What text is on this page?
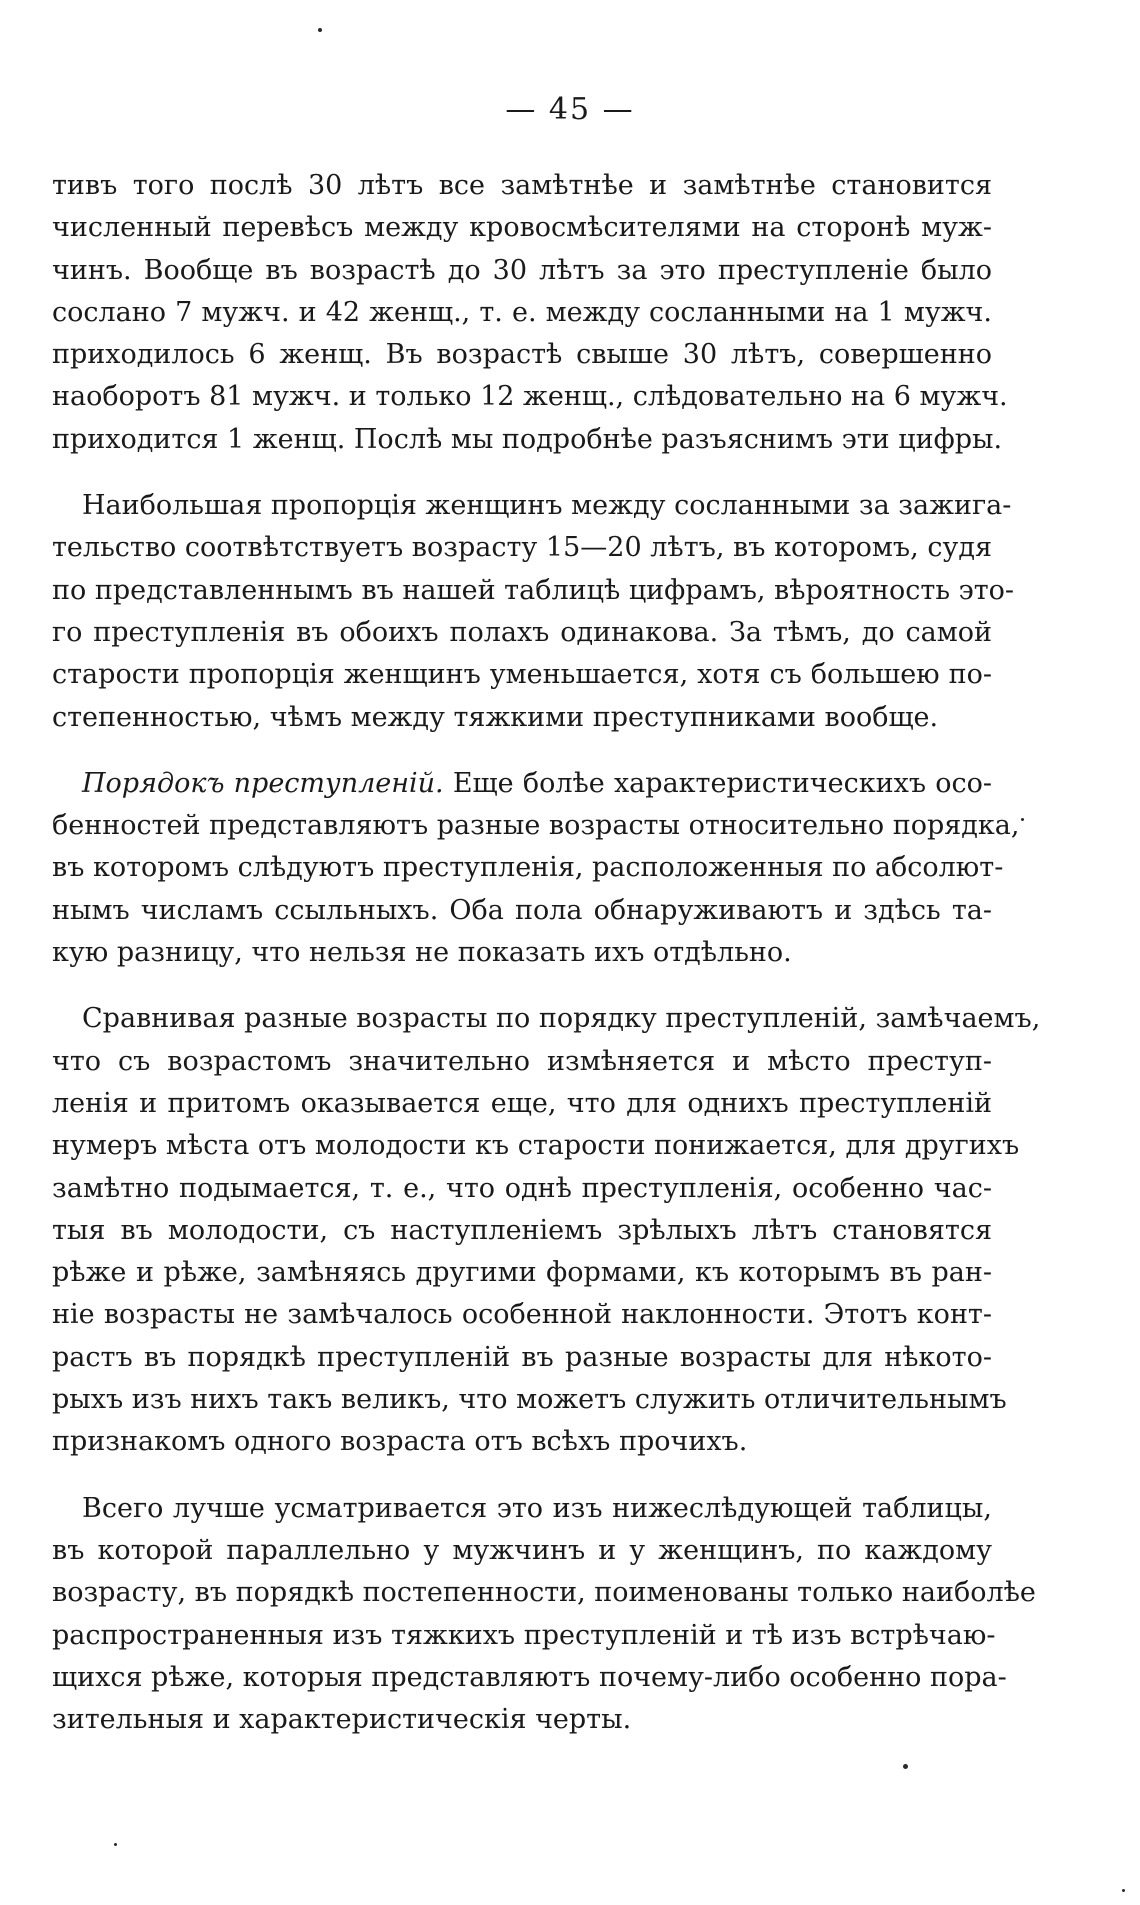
— 45 —

тивъ того послѣ 30 лѣтъ все замѣтнѣе и замѣтнѣе становится
численный перевѣсъ между кровосмѣсителями на сторонѣ муж-
чинъ. Вообще въ возрастѣ до 30 лѣтъ за это преступленіе было
сослано 7 мужч. и 42 женщ., т. е. между сосланными на 1 мужч.
приходилось 6 женщ. Въ возрастѣ свыше 30 лѣтъ, совершенно
наоборотъ 81 мужч. и только 12 женщ., слѣдовательно на 6 мужч.
приходится 1 женщ. Послѣ мы подробнѣе разъяснимъ эти цифры.

Наибольшая пропорція женщинъ между сосланными за зажига-
тельство соотвѣтствуетъ возрасту 15—20 лѣтъ, въ которомъ, судя
по представленнымъ въ нашей таблицѣ цифрамъ, вѣроятность это-
го преступленія въ обоихъ полахъ одинакова. За тѣмъ, до самой
старости пропорція женщинъ уменьшается, хотя съ большею по-
степенностью, чѣмъ между тяжкими преступниками вообще.

Порядокъ преступленій. Еще болѣе характеристическихъ осо-
бенностей представляютъ разные возрасты относительно порядка,
въ которомъ слѣдуютъ преступленія, расположенныя по абсолют-
нымъ числамъ ссыльныхъ. Оба пола обнаруживаютъ и здѣсь та-
кую разницу, что нельзя не показать ихъ отдѣльно.

Сравнивая разные возрасты по порядку преступленій, замѣчаемъ,
что съ возрастомъ значительно измѣняется и мѣсто преступ-
ленія и притомъ оказывается еще, что для однихъ преступленій
нумеръ мѣста отъ молодости къ старости понижается, для другихъ
замѣтно подымается, т. е., что однѣ преступленія, особенно час-
тыя въ молодости, съ наступленіемъ зрѣлыхъ лѣтъ становятся
рѣже и рѣже, замѣняясь другими формами, къ которымъ въ ран-
ніе возрасты не замѣчалось особенной наклонности. Этотъ конт-
растъ въ порядкѣ преступленій въ разные возрасты для нѣкото-
рыхъ изъ нихъ такъ великъ, что можетъ служить отличительнымъ
признакомъ одного возраста отъ всѣхъ прочихъ.

Всего лучше усматривается это изъ нижеслѣдующей таблицы,
въ которой параллельно у мужчинъ и у женщинъ, по каждому
возрасту, въ порядкѣ постепенности, поименованы только наиболѣе
распространенныя изъ тяжкихъ преступленій и тѣ изъ встрѣчаю-
щихся рѣже, которыя представляютъ почему-либо особенно пора-
зительныя и характеристическія черты.
